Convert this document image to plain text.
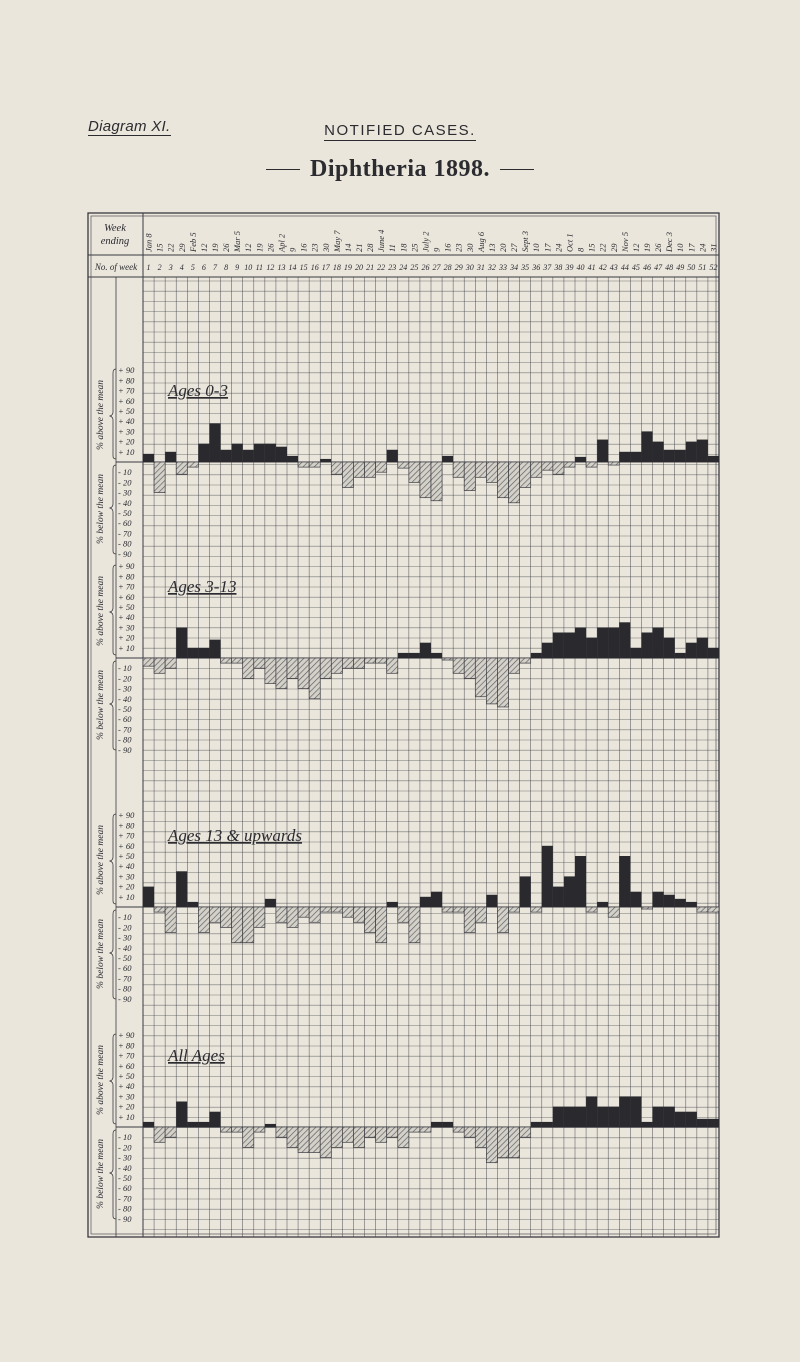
Diagram XI.	NOTIFIED CASES.
Diphtheria 1898.
Week
ending
No. of week
Jan 8 15 22 29 Feb 5 12 19 26 Mar 5 12 19 26 Apl 2 9 16 23 30 May 7 14 21 28 June 4 11 18 25 July 2 9 16 23 30 Aug 6 13 20 27 Sept 3 10 17 24 Oct 1 8 15 22 29 Nov 5 12 19 26 Dec 3 10 17 24 31
1 2 3 4 5 6 7 8 9 10 11 12 13 14 15 16 17 18 19 20 21 22 23 24 25 26 27 28 29 30 31 32 33 34 35 36 37 38 39 40 41 42 43 44 45 46 47 48 49 50 51 52
+ 90
+ 80
+ 70
+ 60
+ 50
+ 40
+ 30
+ 20
+ 10
- 10
- 20
- 30
- 40
- 50
- 60
- 70
- 80
- 90
% above the mean
% below the mean
Ages 0-3
+ 90
+ 80
+ 70
+ 60
+ 50
+ 40
+ 30
+ 20
+ 10
- 10
- 20
- 30
- 40
- 50
- 60
- 70
- 80
- 90
% above the mean
% below the mean
Ages 3-13
+ 90
+ 80
+ 70
+ 60
+ 50
+ 40
+ 30
+ 20
+ 10
- 10
- 20
- 30
- 40
- 50
- 60
- 70
- 80
- 90
% above the mean
% below the mean
Ages 13 & upwards
+ 90
+ 80
+ 70
+ 60
+ 50
+ 40
+ 30
+ 20
+ 10
- 10
- 20
- 30
- 40
- 50
- 60
- 70
- 80
- 90
% above the mean
% below the mean
All Ages
